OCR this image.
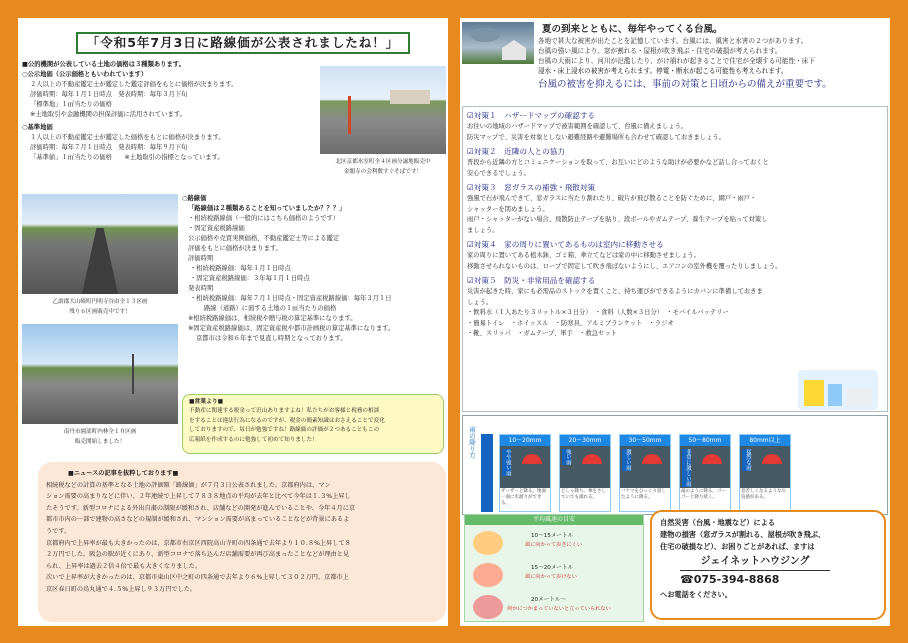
「令和5年7月3日に路線価が公表されましたね！」
■公的機関が公表している土地の価格は３種類あります。
○公示地価（公示価格ともいわれています）
２人以上の不動産鑑定士が鑑定した鑑定評価をもとに価格が決まります。
評価時期：毎年１月１日時点　発表時期：毎年３月下旬
「標準地」１㎡当たりの価格
※土地取引や金融機関の担保評価に活用されています。
○基準地価
１人以上の不動産鑑定士が鑑定した価格をもとに価格が決まります。
評価時期：毎年７月１日時点　発表時期：毎年９月下旬
「基準値」１㎡当たりの価格　　※土地取引の指標となっています。
北区京都氷室町全４区画分譲地販売中
金閣寺の会利敷すぐそばです！
乙訓郡大山崎町円明寺谷由全１３区画
残り６区画販売中です！
南丹市園部町内林全１０区画
販売開始しました！
○路線価
「路線価は２種類あることを知っていましたか？？？」
・相続税路線価（一般的にはこちら価格のようです）
・固定資産税路線価
公示価格や売買実例価格、不動産鑑定士等による鑑定
評価をもとに価格が決まります。
評価時期
・相続税路線価：毎年１月１日時点
・固定資産税路線価：３年毎１月１日時点
発表時期
・相続税路線価：毎年７月１日時点・固定資産税路線価：毎年３月１日
路線（道路）に面する土地の１㎡当たりの価格
※相続税路線価は、相続税や贈与税の算定基準になります。
※固定資産税路線価は、固定資産税や都市計画税の算定基準になります。
京都市は令和６年まで見直し時期となっております。
■営業より■
不動産に関連する税金って沢山ありますよね！私たちがお客様と税務の相談
をすることは違法行為になるのですが、税金の簡素知識はおさえることで変化
しておりますので、毎日が勉強ですね！路線価の評価が２つあることもこの
広報紙を作成するのに勉強して初めて知りました！
■ニュースの記事を抜粋しております■
相続税などの計算の基準となる土地の評価額「路線価」が７月３日公表されました。京都府内は、マン
ション需要の高まりなどに伴い、２年連続で上昇して７８３８地点の平均が去年と比べて今年は１.３%上昇し
たそうです。新型コロナによる外出自粛の制限が緩和され、店舗などの開発が進んでいることや、今年４月に京
都市市内の一部で建物の高さなどの規制が緩和され、マンション需要が高まっていることなどが背景にあるよ
うです。
京都府内で上昇率が最も大きかったのは、京都市右京区西院高山寺町の四条通で去年より１０.８%上昇して８
２万円でした。阪急の駅が近くにあり、新型コロナで落ち込んだ店舗需要が再び高まったことなどが理由と見
られ、上昇率は過去２倍４倍で最も大きくなりました。
次いで上昇率が大きかったのは、京都市東山区中之町の四条通で去年より６%上昇して３０２万円、京都市上
京区春日町の烏丸通で４.５%上昇し９３万円でした。
夏の到来とともに、毎年やってくる台風。
各地で甚大な被害が出たことを記憶しています。台風には、風害と水害の２つがあります。
台風の強い風により、窓が割れる・屋根が吹き飛ぶ・住宅の破損が考えられます。
台風の大雨により、河川が氾濫したり、がけ崩れが起きることで住宅が全壊する可能性・床下
浸水・床上浸水の被害が考えられます。停電・断水が起こる可能性も考えられます。
台風の被害を抑えるには、事前の対策と日頃からの備えが重要です。
☑対策１　ハザードマップの確認する
お住いの地域のハザードマップで被害範囲を確認して、台風に備えましょう。
防災マップで、災害を対象としない避難経路や避難場所も合わせて確認しておきましょう。
☑対策２　近隣の人との協力
普段から近隣の方とコミュニケーションを取って、お互いにどのような助けが必要かなど話し合っておくと
安心できるでしょう。
☑対策３　窓ガラスの補強・飛散対策
強風で石が飛んできて、窓ガラスに当たり割れたり、破片が飛び散ることを防ぐために、網戸・雨戸・
シャッターを閉めましょう。
雨戸・シャッターがない場合、飛散防止テープを貼り、段ボールやガムテープ、養生テープを貼って対策し
ましょう。
☑対策４　家の周りに置いてあるものは室内に移動させる
家の周りに置いてある植木鉢、ゴミ箱、傘立てなどは家の中に移動させましょう。
移動させられないものは、ロープで固定して吹き飛ばないようにし、エアコンの室外機を覆ったりしましょう。
☑対策５　防災・非常用品を確認する
災害が起きた時、家にも必需品のストックを置くこと、持ち運びができるようにカバンに準備しておきま
しょう。
・飲料水（１人あたり３リットル×３日分）　・食料（人数×３日分）　・モバイルバッテリー
・簡易トイレ　・ホイッスル　・防寒具、アルミブランケット　・ラジオ
・靴、スリッパ　・ガムテープ、軍手　・救急セット
雨の降り方	10〜20mm
やや強い雨
ザーザーと降る。地面一面に水溜りができる。
20〜30mm
強い雨
どしゃ降り。傘をさしていても濡れる。
30〜50mm
激しい雨
バケツをひっくり返したように降る。
50〜80mm
非常に激しい雨
滝のように降る。ゴーゴーと降り続く。
80mm以上
猛烈な雨
息苦しくなるような圧迫感がある。
平均風速の目安
10〜15メートル
風に向かって歩きにくい
15〜20メートル
風に向かって歩けない
20メートル〜
何かにつかまっていないと立っていられない
自然災害（台風・地震など）による
建物の損害（窓ガラスが割れる、屋根が吹き飛ぶ、
住宅の破損など）、お困りごとがあれば、ますは
ジェイネットハウジング
☎075-394-8868
へお電話をください。
